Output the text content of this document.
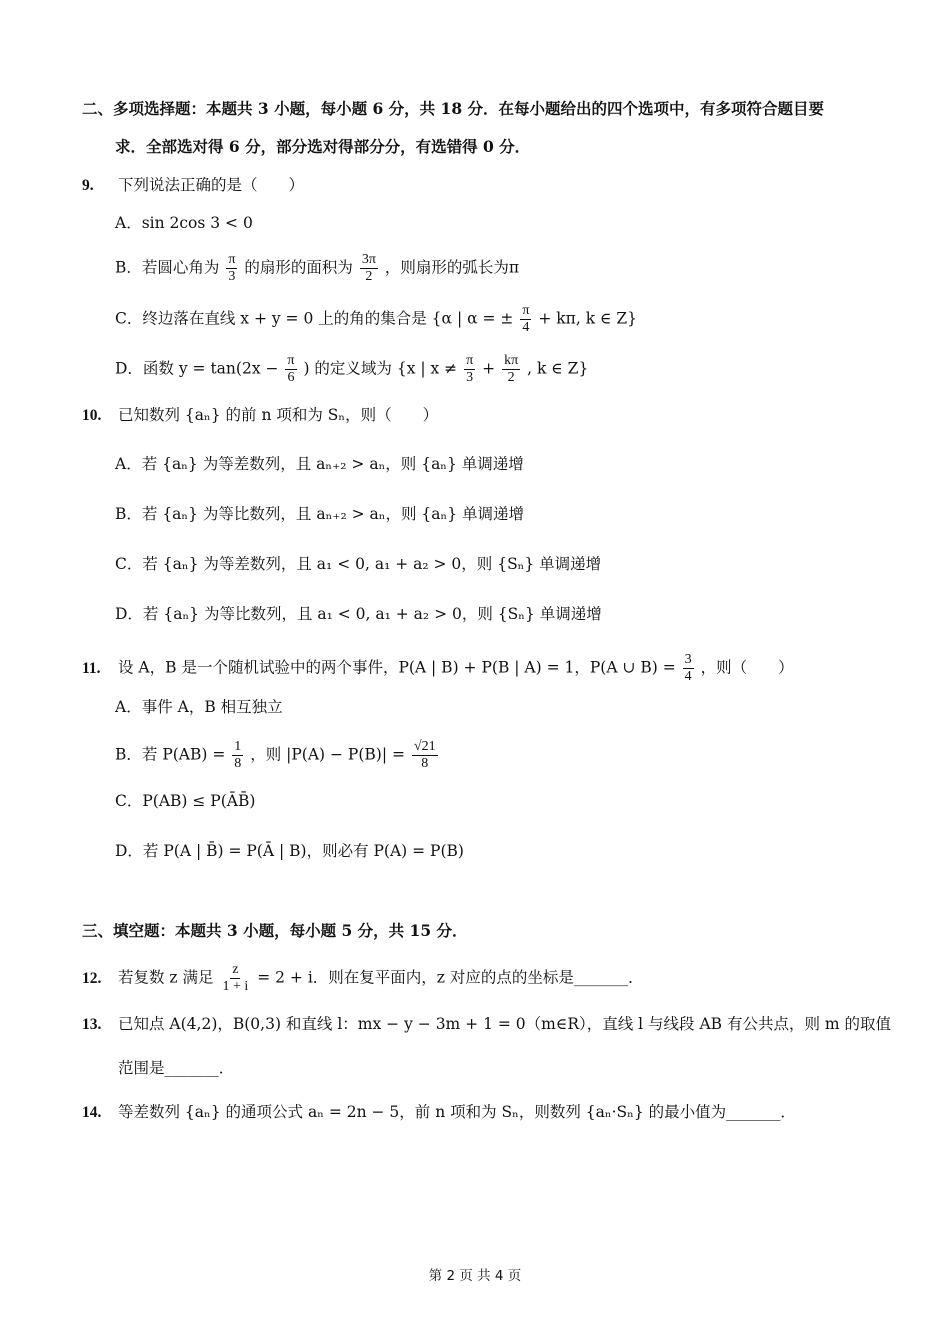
二、多项选择题：本题共 3 小题，每小题 6 分，共 18 分．在每小题给出的四个选项中，有多项符合题目要
求．全部选对得 6 分，部分选对得部分分，有选错得 0 分．
9. 下列说法正确的是（　　）
A．sin 2cos 3 < 0
B．若圆心角为 $\frac{\pi}{3}$ 的扇形的面积为 $\frac{3\pi}{2}$ ，则扇形的弧长为π
C．终边落在直线 x + y = 0 上的角的集合是 {α | α = ± $\frac{\pi}{4} + k\pi$, k ∈ Z}
D．函数 $y = \tan(2x - \frac{\pi}{6}$ ) 的定义域为 {x | $x \ne \frac{\pi}{3} + \frac{k\pi}{2}$ , k ∈ Z}
10. 已知数列 {aₙ} 的前 n 项和为 Sₙ，则（　　）
A．若 {aₙ} 为等差数列，且 aₙ₊₂ > aₙ，则 {aₙ} 单调递增
B．若 {aₙ} 为等比数列，且 aₙ₊₂ > aₙ，则 {aₙ} 单调递增
C．若 {aₙ} 为等差数列，且 a₁ < 0, a₁ + a₂ > 0，则 {Sₙ} 单调递增
D．若 {aₙ} 为等比数列，且 a₁ < 0, a₁ + a₂ > 0，则 {Sₙ} 单调递增
11. 设 A，B 是一个随机试验中的两个事件，P(A | B) + P(B | A) = 1，P(A ∪ $B) = \frac{3}{4}$ ，则（　　）
A．事件 A，B 相互独立
B．若 $P(AB) = \frac{1}{8}$ ，则 $|P(A) - P(B)| = \frac{√21}{8}$
C．P(AB) ≤ P(ĀB̄)
D．若 P(A | B̄) = P(Ā | B)，则必有 P(A) = P(B)
三、填空题：本题共 3 小题，每小题 5 分，共 15 分．
12. 若复数 z 满足 $\frac{z}{1 + i} = 2 + i$．则在复平面内，z 对应的点的坐标是_______．
13. 已知点 A(4,2)，B(0,3) 和直线 l：mx − y − 3m + 1 = 0（m∈R），直线 l 与线段 AB 有公共点，则 m 的取值
范围是_______．
14. 等差数列 {aₙ} 的通项公式 aₙ = 2n − 5，前 n 项和为 Sₙ，则数列 {aₙ·Sₙ} 的最小值为_______．
第 2 页 共 4 页
